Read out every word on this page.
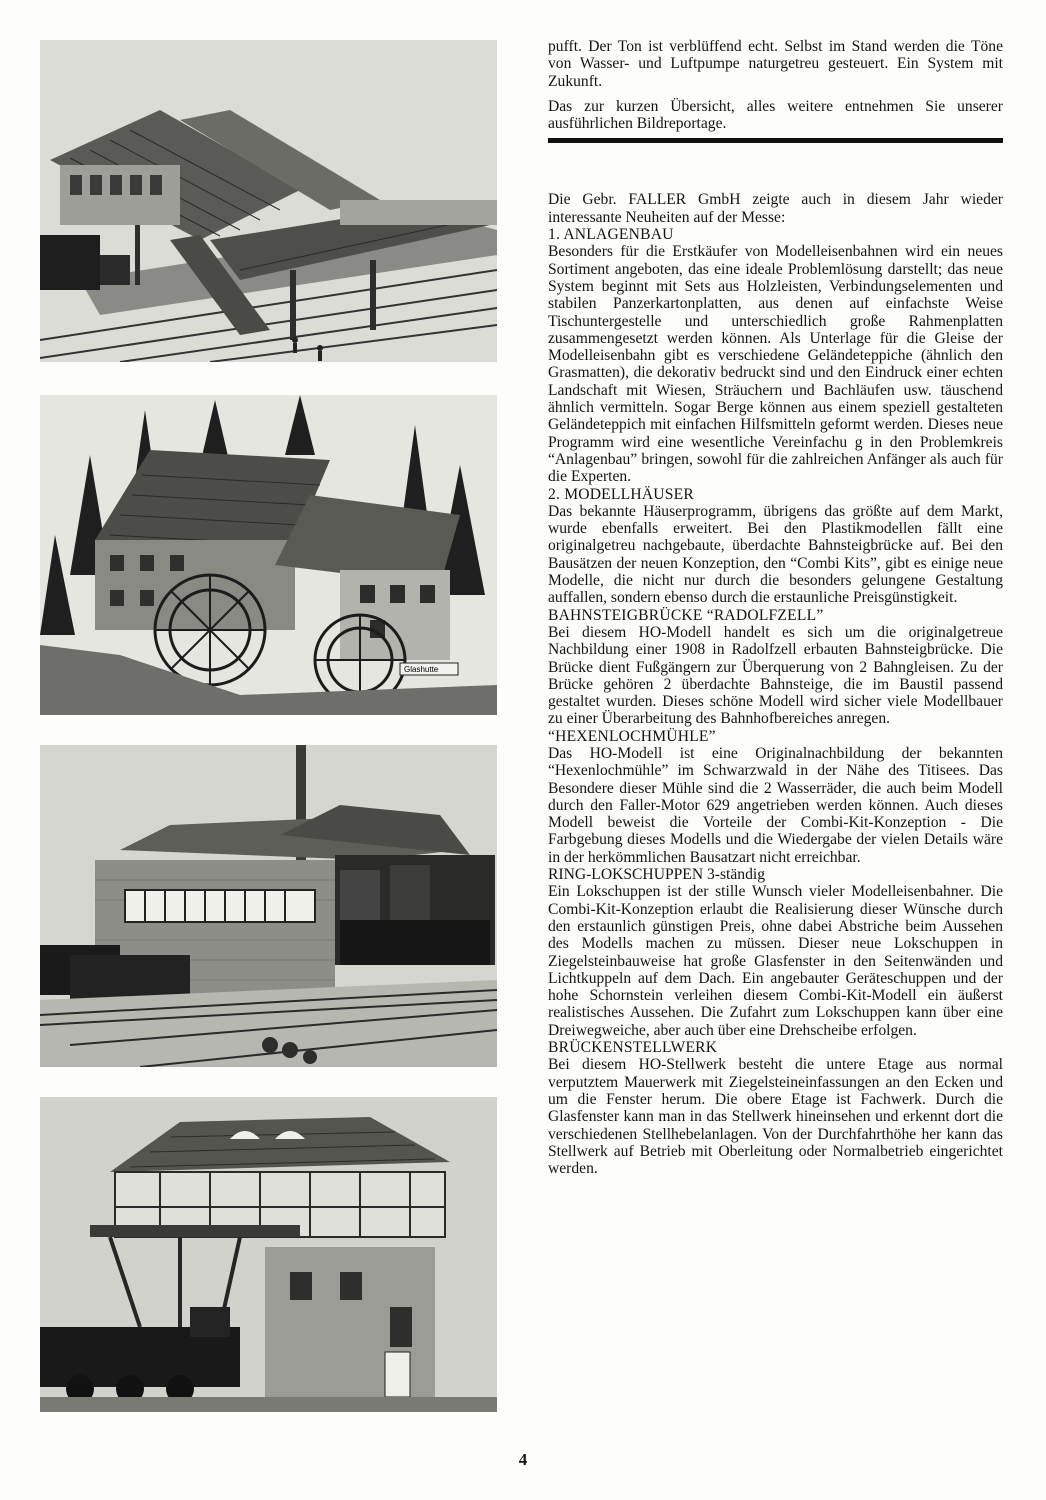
Glashutte

pufft. Der Ton ist verblüffend echt. Selbst im Stand werden die Töne von Wasser- und Luftpumpe naturgetreu gesteuert. Ein System mit Zukunft.

Das zur kurzen Übersicht, alles weitere entnehmen Sie unserer ausführlichen Bildreportage.

Die Gebr. FALLER GmbH zeigte auch in diesem Jahr wieder interessante Neuheiten auf der Messe:

1. ANLAGENBAU

Besonders für die Erstkäufer von Modelleisenbahnen wird ein neues Sortiment angeboten, das eine ideale Problemlösung darstellt; das neue System beginnt mit Sets aus Holzleisten, Verbindungselementen und stabilen Panzerkartonplatten, aus denen auf einfachste Weise Tischuntergestelle und unterschiedlich große Rahmenplatten zusammengesetzt werden können. Als Unterlage für die Gleise der Modelleisenbahn gibt es verschiedene Geländeteppiche (ähnlich den Grasmatten), die dekorativ bedruckt sind und den Eindruck einer echten Landschaft mit Wiesen, Sträuchern und Bachläufen usw. täuschend ähnlich vermitteln. Sogar Berge können aus einem speziell gestalteten Geländeteppich mit einfachen Hilfsmitteln geformt werden. Dieses neue Programm wird eine wesentliche Vereinfachu g in den Problemkreis “Anlagenbau” bringen, sowohl für die zahlreichen Anfänger als auch für die Experten.

2. MODELLHÄUSER

Das bekannte Häuserprogramm, übrigens das größte auf dem Markt, wurde ebenfalls erweitert. Bei den Plastikmodellen fällt eine originalgetreu nachgebaute, überdachte Bahnsteigbrücke auf. Bei den Bausätzen der neuen Konzeption, den “Combi Kits”, gibt es einige neue Modelle, die nicht nur durch die besonders gelungene Gestaltung auffallen, sondern ebenso durch die erstaunliche Preisgünstigkeit.

BAHNSTEIGBRÜCKE “RADOLFZELL”

Bei diesem HO-Modell handelt es sich um die originalgetreue Nachbildung einer 1908 in Radolfzell erbauten Bahnsteigbrücke. Die Brücke dient Fußgängern zur Überquerung von 2 Bahngleisen. Zu der Brücke gehören 2 überdachte Bahnsteige, die im Baustil passend gestaltet wurden. Dieses schöne Modell wird sicher viele Modellbauer zu einer Überarbeitung des Bahnhofbereiches anregen.

“HEXENLOCHMÜHLE”

Das HO-Modell ist eine Originalnachbildung der bekannten “Hexenlochmühle” im Schwarzwald in der Nähe des Titisees. Das Besondere dieser Mühle sind die 2 Wasserräder, die auch beim Modell durch den Faller-Motor 629 angetrieben werden können. Auch dieses Modell beweist die Vorteile der Combi-Kit-Konzeption - Die Farbgebung dieses Modells und die Wiedergabe der vielen Details wäre in der herkömmlichen Bausatzart nicht erreichbar.

RING-LOKSCHUPPEN 3-ständig

Ein Lokschuppen ist der stille Wunsch vieler Modelleisenbahner. Die Combi-Kit-Konzeption erlaubt die Realisierung dieser Wünsche durch den erstaunlich günstigen Preis, ohne dabei Abstriche beim Aussehen des Modells machen zu müssen. Dieser neue Lokschuppen in Ziegelsteinbauweise hat große Glasfenster in den Seitenwänden und Lichtkuppeln auf dem Dach. Ein angebauter Geräteschuppen und der hohe Schornstein verleihen diesem Combi-Kit-Modell ein äußerst realistisches Aussehen. Die Zufahrt zum Lokschuppen kann über eine Dreiwegweiche, aber auch über eine Drehscheibe erfolgen.

BRÜCKENSTELLWERK

Bei diesem HO-Stellwerk besteht die untere Etage aus normal verputztem Mauerwerk mit Ziegelsteineinfassungen an den Ecken und um die Fenster herum. Die obere Etage ist Fachwerk. Durch die Glasfenster kann man in das Stellwerk hineinsehen und erkennt dort die verschiedenen Stellhebelanlagen. Von der Durchfahrthöhe her kann das Stellwerk auf Betrieb mit Oberleitung oder Normalbetrieb eingerichtet werden.

4
